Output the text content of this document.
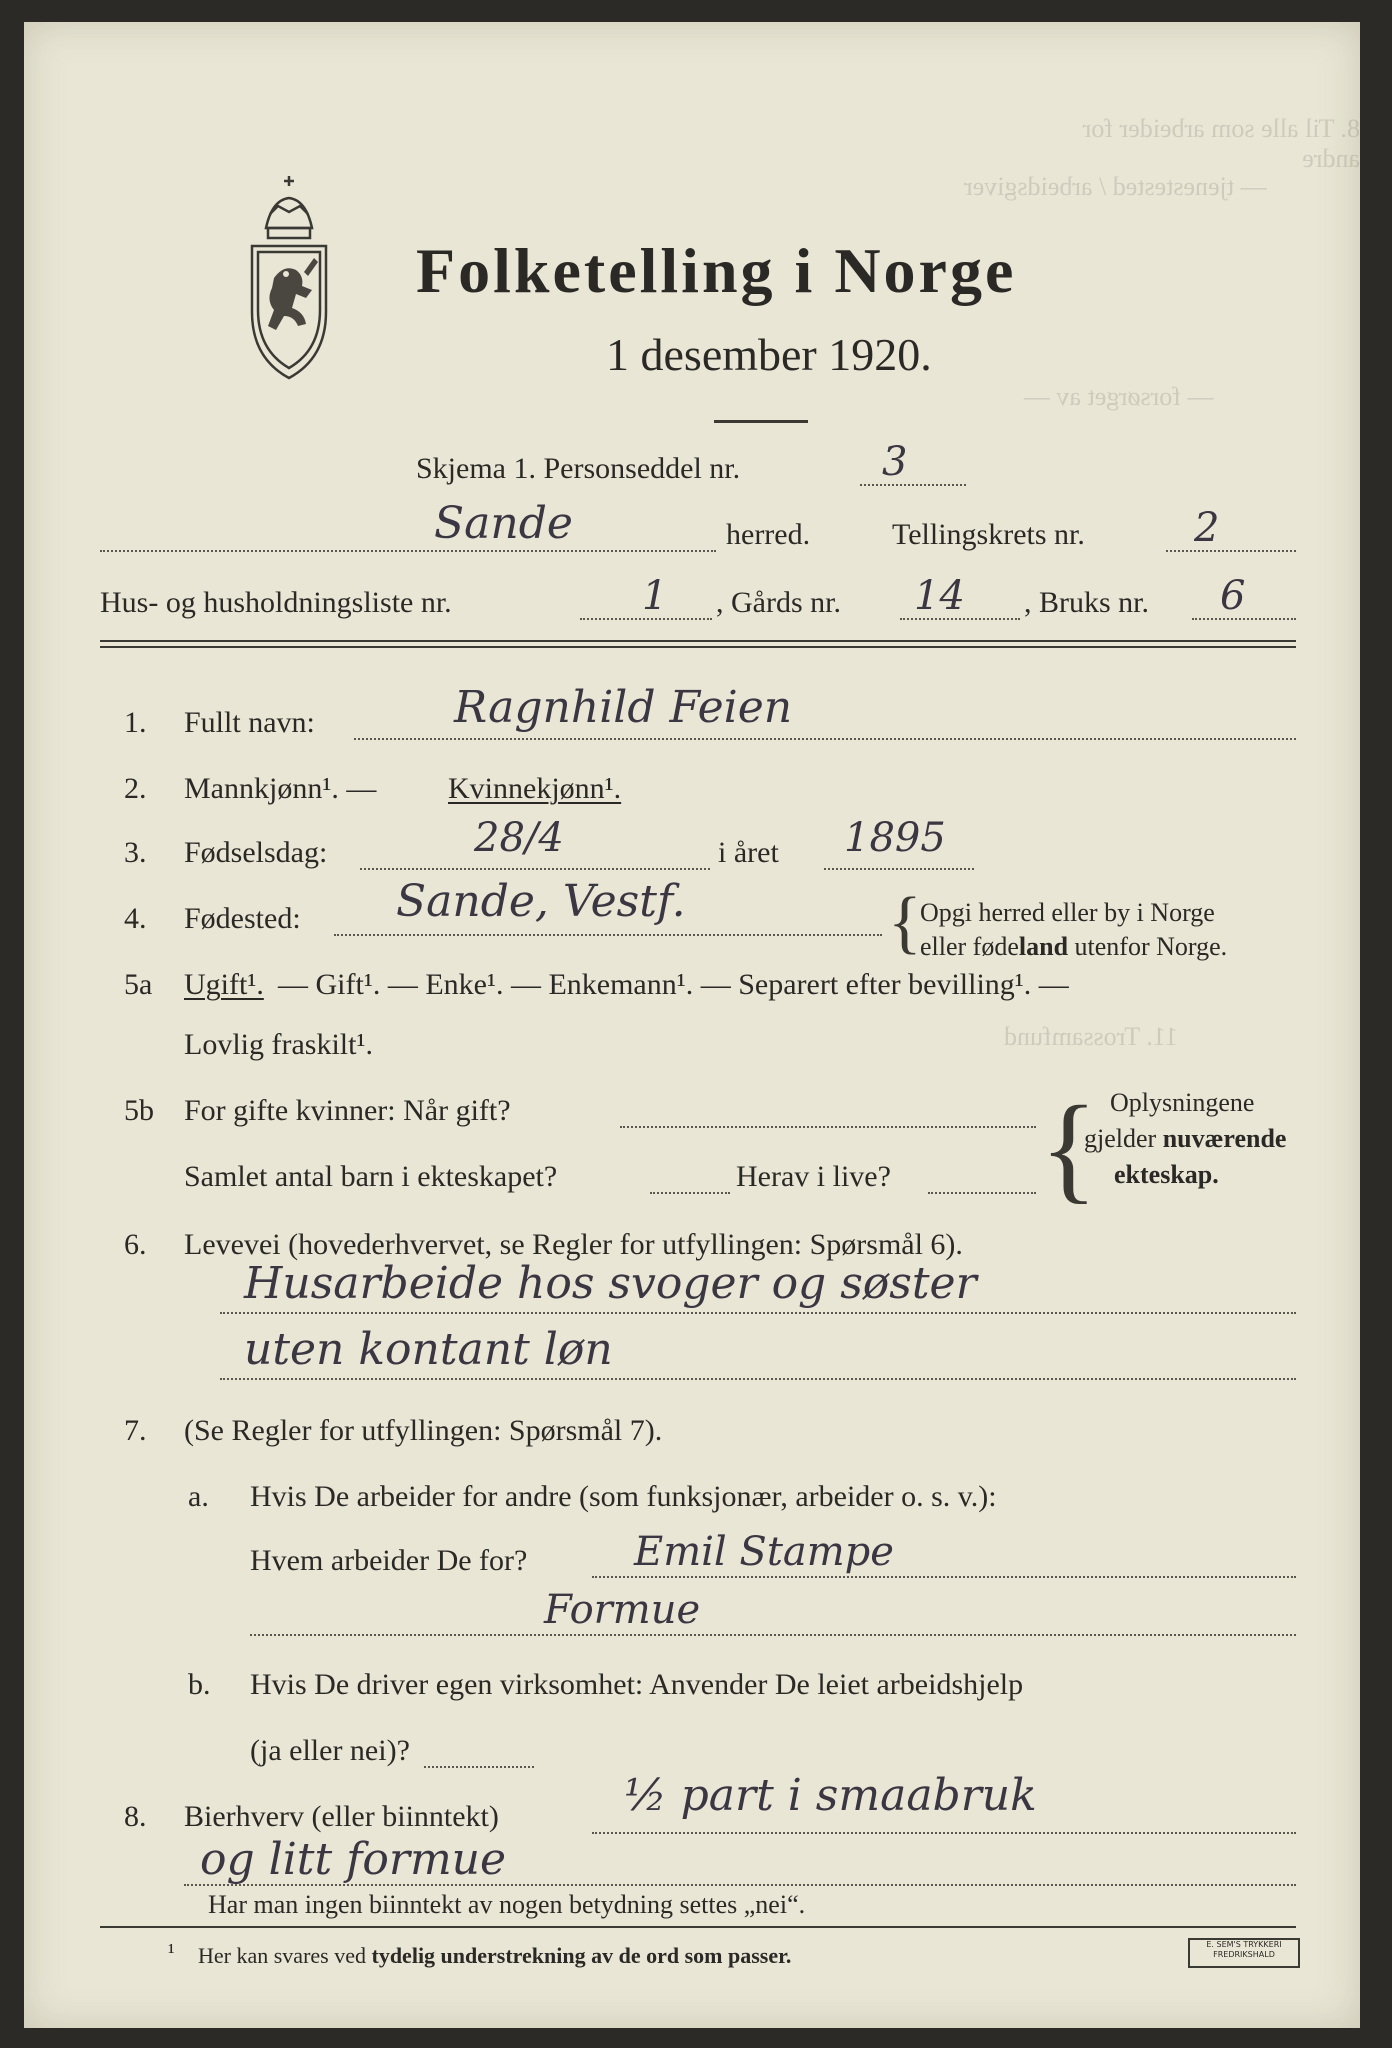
8. Til alle som arbeider for andre
— tjenestested / arbeidsgiver
— forsørget av —
11. Trossamfund
Folketelling i Norge
1 desember 1920.
Skjema 1. Personseddel nr.	3
Sande	herred.	Tellingskrets nr.	2
Hus- og husholdningsliste nr.	1 , Gårds nr. 14 , Bruks nr. 6
1. Fullt navn:	Ragnhild Feien
2. Mannkjønn¹. — Kvinnekjønn¹.
3. Fødselsdag:	28/4	i året 1895
4. Fødested: Sande, Vestf.	{
Opgi herred eller by i Norge
eller fødeland utenfor Norge.
5a Ugift¹. — Gift¹. — Enke¹. — Enkemann¹. — Separert efter bevilling¹. —
Lovlig fraskilt¹.
5b For gifte kvinner: Når gift?
Samlet antal barn i ekteskapet?	Herav i live? { Oplysningene
gjelder nuværende
ekteskap.
6. Levevei (hovederhvervet, se Regler for utfyllingen: Spørsmål 6).
Husarbeide hos svoger og søster
uten kontant løn
7. (Se Regler for utfyllingen: Spørsmål 7).
a. Hvis De arbeider for andre (som funksjonær, arbeider o. s. v.):
Hvem arbeider De for?	Emil Stampe
Formue
b. Hvis De driver egen virksomhet: Anvender De leiet arbeidshjelp
(ja eller nei)?
8. Bierhverv (eller biinntekt)	½ part i smaabruk
og litt formue
Har man ingen biinntekt av nogen betydning settes „nei“.
¹ Her kan svares ved tydelig understrekning av de ord som passer.	E. SEM'S TRYKKERI FREDRIKSHALD
